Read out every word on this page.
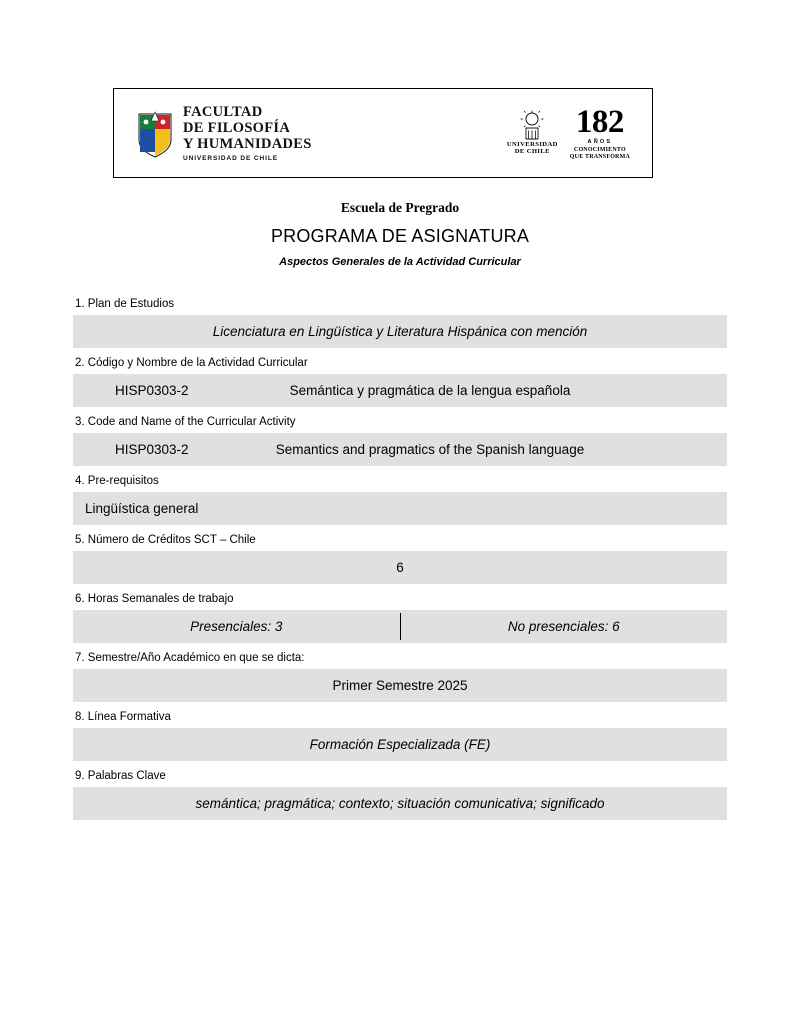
FACULTAD
DE FILOSOFÍA
Y HUMANIDADES
UNIVERSIDAD DE CHILE
UNIVERSIDAD
DE CHILE
182
AÑOS
CONOCIMIENTO
QUE TRANSFORMA
Escuela de Pregrado
PROGRAMA DE ASIGNATURA
Aspectos Generales de la Actividad Curricular
1. Plan de Estudios
Licenciatura en Lingüística y Literatura Hispánica con mención
2. Código y Nombre de la Actividad Curricular
HISP0303-2	Semántica y pragmática de la lengua española
3. Code and Name of the Curricular Activity
HISP0303-2	Semantics and pragmatics of the Spanish language
4. Pre-requisitos
Lingüística general
5. Número de Créditos SCT – Chile
6
6. Horas Semanales de trabajo
Presenciales: 3	No presenciales: 6
7. Semestre/Año Académico en que se dicta:
Primer Semestre 2025
8. Línea Formativa
Formación Especializada (FE)
9. Palabras Clave
semántica; pragmática; contexto; situación comunicativa; significado
